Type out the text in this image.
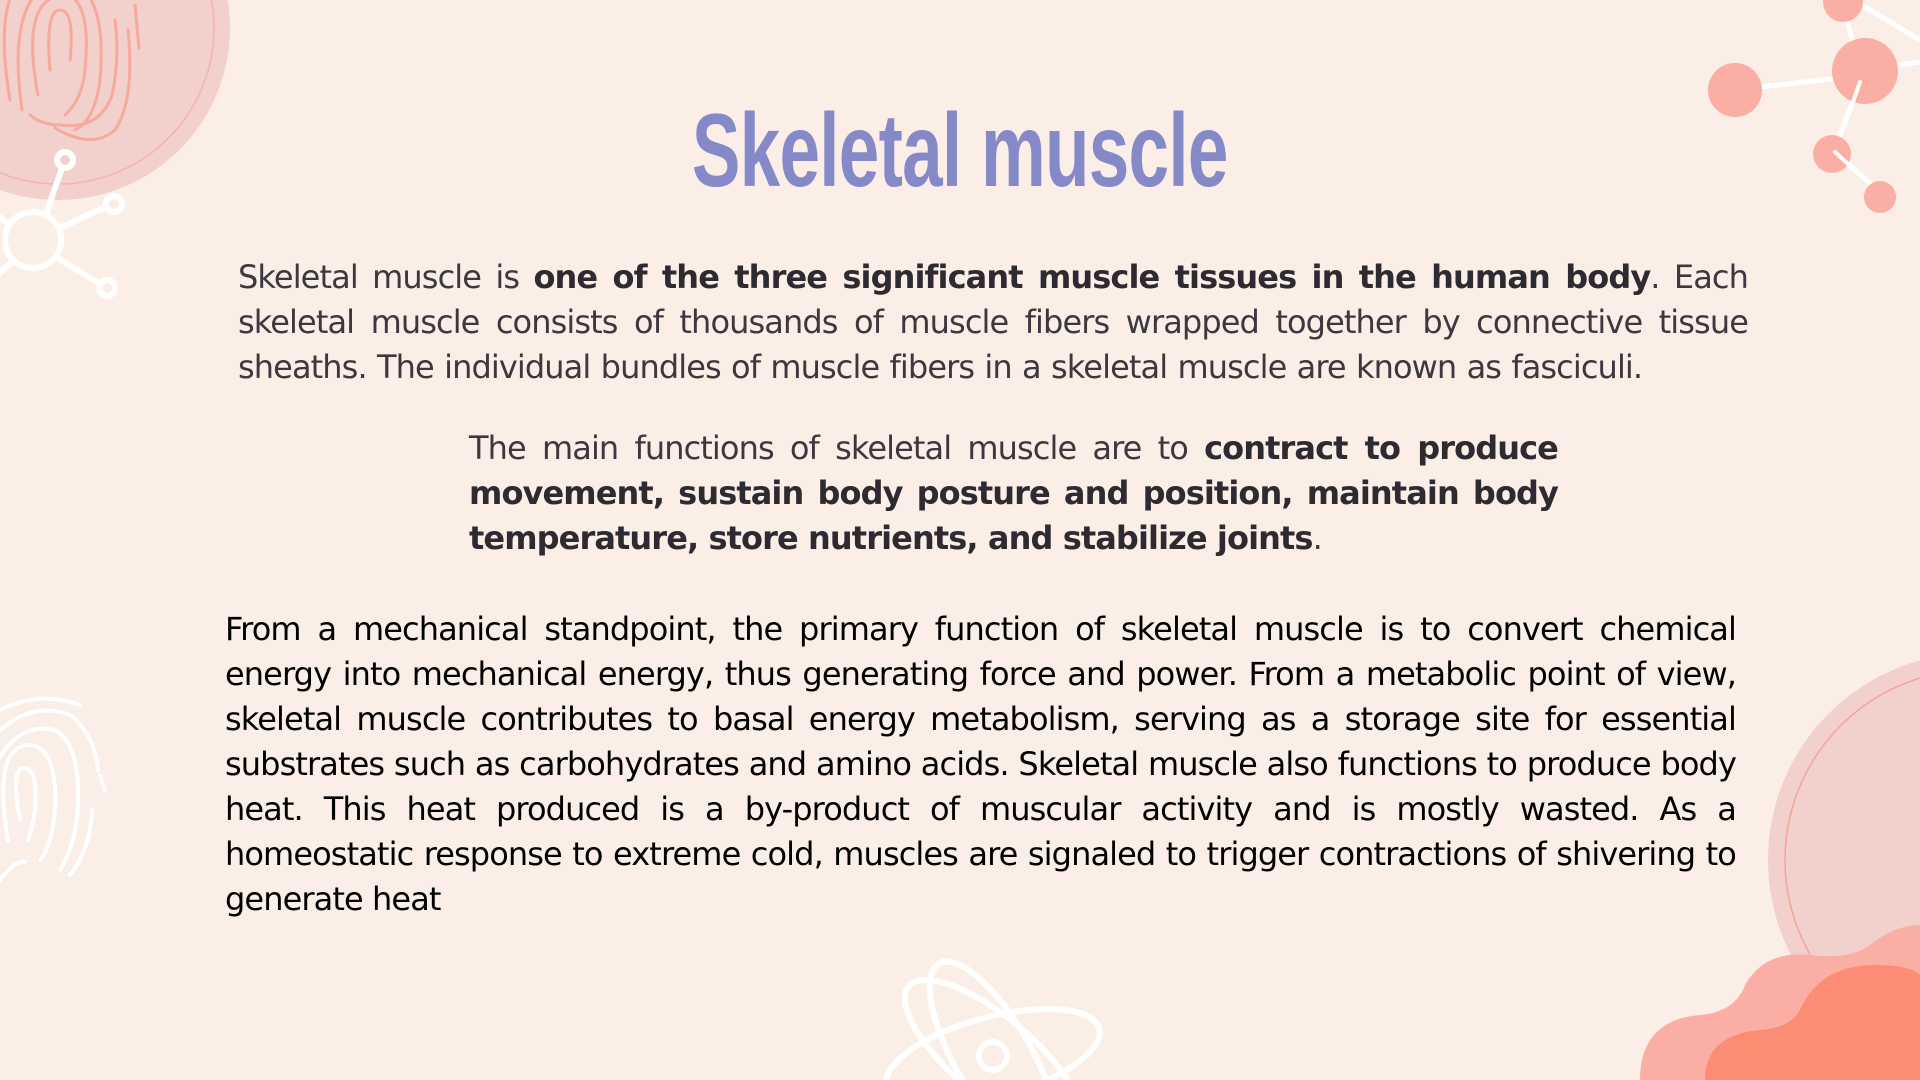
Skeletal muscle

Skeletal muscle is one of the three significant muscle tissues in the human body. Each skeletal muscle consists of thousands of muscle fibers wrapped together by connective tissue sheaths. The individual bundles of muscle fibers in a skeletal muscle are known as fasciculi.

The main functions of skeletal muscle are to contract to produce movement, sustain body posture and position, maintain body temperature, store nutrients, and stabilize joints.

From a mechanical standpoint, the primary function of skeletal muscle is to convert chemical energy into mechanical energy, thus generating force and power. From a metabolic point of view, skeletal muscle contributes to basal energy metabolism, serving as a storage site for essential substrates such as carbohydrates and amino acids. Skeletal muscle also functions to produce body heat. This heat produced is a by-product of muscular activity and is mostly wasted. As a homeostatic response to extreme cold, muscles are signaled to trigger contractions of shivering to generate heat
